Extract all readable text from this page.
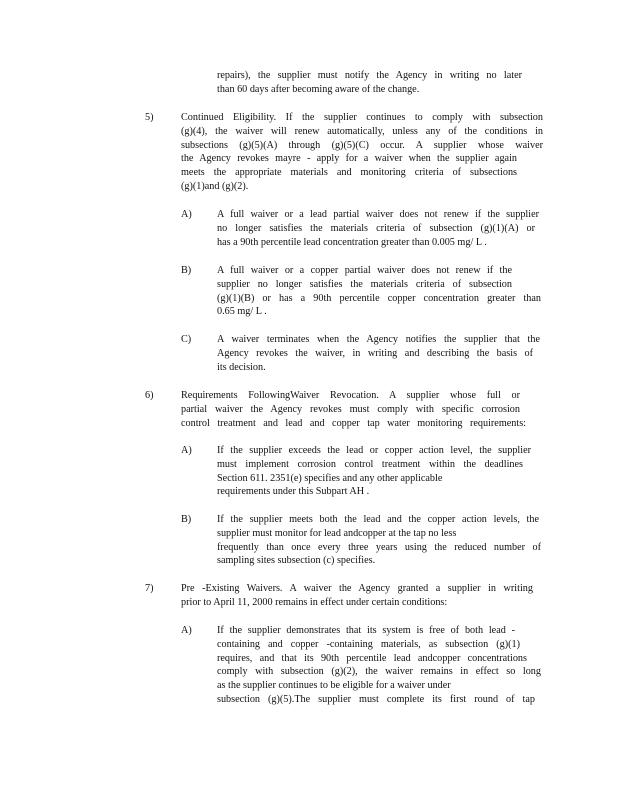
repairs), the supplier must notify the Agency in writing no later
than 60 days after becoming aware of the change.
5)	Continued Eligibility. If the supplier continues to comply with subsection
(g)(4), the waiver will renew automatically, unless any of the conditions in
subsections (g)(5)(A) through (g)(5)(C) occur. A supplier whose waiver
the Agency revokes mayre - apply for a waiver when the supplier again
meets the appropriate materials and monitoring criteria of subsections
(g)(1)and (g)(2).
A) A full waiver or a lead partial waiver does not renew if the supplier
no longer satisfies the materials criteria of subsection (g)(1)(A) or
has a 90th percentile lead concentration greater than 0.005 mg/ L .
B)	A full waiver or a copper partial waiver does not renew if the
supplier no longer satisfies the materials criteria of subsection
(g)(1)(B) or has a 90th percentile copper concentration greater than
0.65 mg/ L .
C)	A waiver terminates when the Agency notifies the supplier that the
Agency revokes the waiver, in writing and describing the basis of
its decision.
6)	Requirements FollowingWaiver Revocation. A supplier whose full or
partial waiver the Agency revokes must comply with specific corrosion
control treatment and lead and copper tap water monitoring requirements:
A) If the supplier exceeds the lead or copper action level, the supplier
must implement corrosion control treatment within the deadlines
Section 611. 2351(e) specifies and any other applicable
requirements under this Subpart AH .
B)	If the supplier meets both the lead and the copper action levels, the
supplier must monitor for lead andcopper at the tap no less
frequently than once every three years using the reduced number of
sampling sites subsection (c) specifies.
7)	Pre -Existing Waivers. A waiver the Agency granted a supplier in writing
prior to April 11, 2000 remains in effect under certain conditions:
A) If the supplier demonstrates that its system is free of both lead -
containing and copper -containing materials, as subsection (g)(1)
requires, and that its 90th percentile lead andcopper concentrations
comply with subsection (g)(2), the waiver remains in effect so long
as the supplier continues to be eligible for a waiver under
subsection (g)(5).The supplier must complete its first round of tap
